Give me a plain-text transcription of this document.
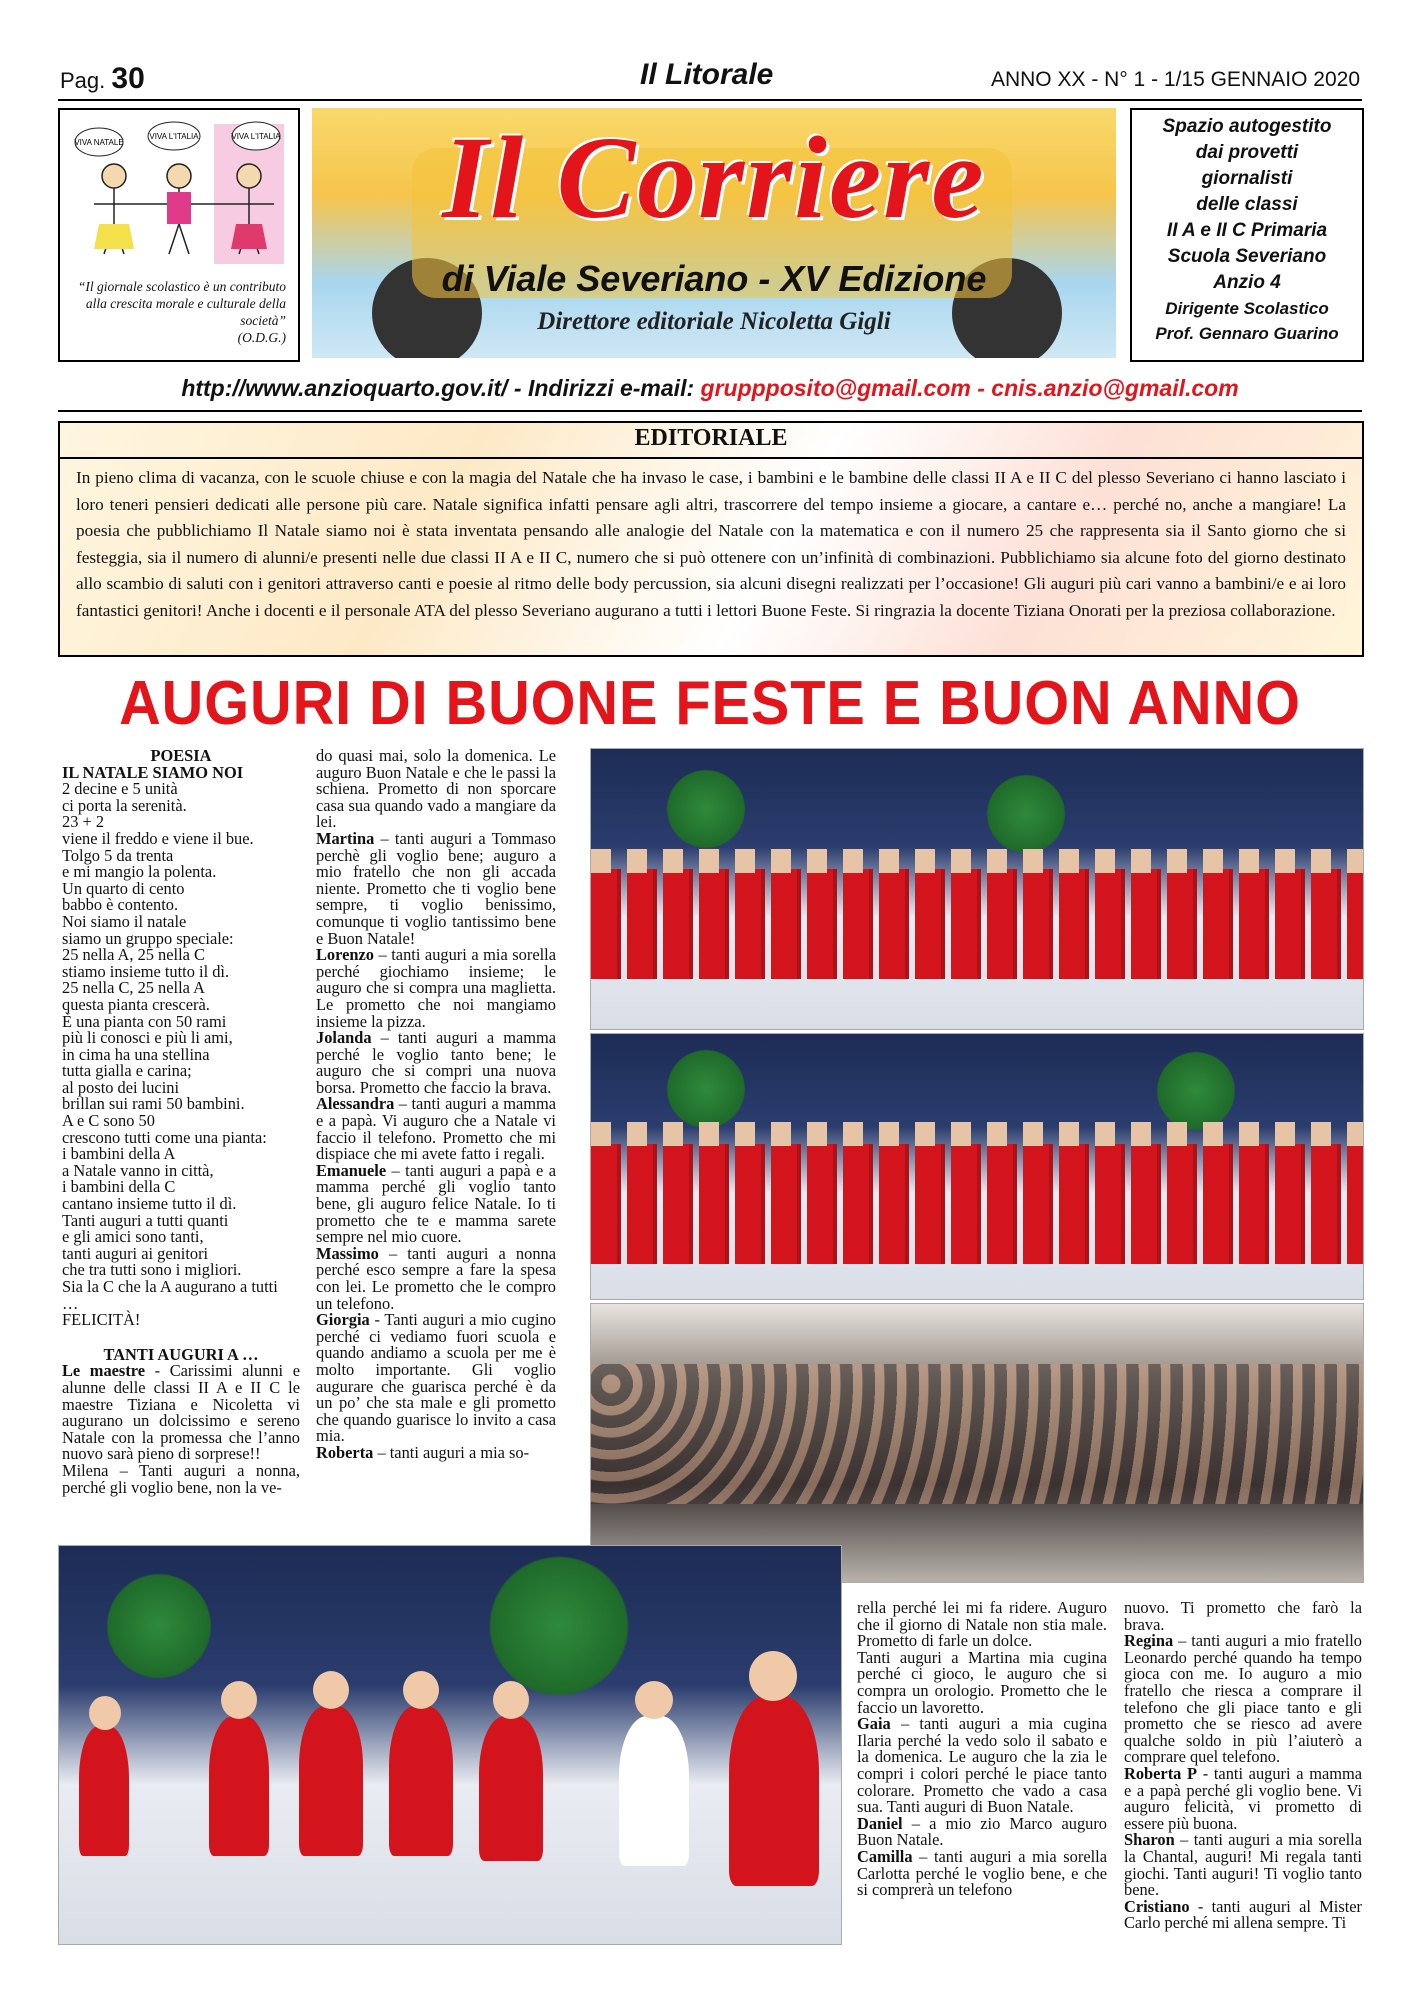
Pag. 30	Il Litorale	ANNO XX - N° 1 - 1/15 GENNAIO 2020
VIVA NATALE
VIVA L'ITALIA	VIVA L'ITALIA
“Il giornale scolastico è un contributo alla crescita morale e culturale della società”
(O.D.G.)
Il Corriere
di Viale Severiano - XV Edizione
Direttore editoriale Nicoletta Gigli
Spazio autogestito
dai provetti
giornalisti
delle classi
II A e II C Primaria
Scuola Severiano
Anzio 4
Dirigente Scolastico
Prof. Gennaro Guarino
http://www.anzioquarto.gov.it/ - Indirizzi e-mail: gruppposito@gmail.com - cnis.anzio@gmail.com
EDITORIALE
In pieno clima di vacanza, con le scuole chiuse e con la magia del Natale che ha invaso le case, i bambini e le bambine delle classi II A e II C del plesso Severiano ci hanno lasciato i loro teneri pensieri dedicati alle persone più care. Natale significa infatti pensare agli altri, trascorrere del tempo insieme a giocare, a cantare e… perché no, anche a mangiare! La poesia che pubblichiamo Il Natale siamo noi è stata inventata pensando alle analogie del Natale con la matematica e con il numero 25 che rappresenta sia il Santo giorno che si festeggia, sia il numero di alunni/e presenti nelle due classi II A e II C, numero che si può ottenere con un’infinità di combinazioni. Pubblichiamo sia alcune foto del giorno destinato allo scambio di saluti con i genitori attraverso canti e poesie al ritmo delle body percussion, sia alcuni disegni realizzati per l’occasione! Gli auguri più cari vanno a bambini/e e ai loro fantastici genitori! Anche i docenti e il personale ATA del plesso Severiano augurano a tutti i lettori Buone Feste. Si ringrazia la docente Tiziana Onorati per la preziosa collaborazione.
AUGURI DI BUONE FESTE E BUON ANNO

POESIA

IL NATALE SIAMO NOI

2 decine e 5 unità

ci porta la serenità.

23 + 2

viene il freddo e viene il bue.

Tolgo 5 da trenta

e mi mangio la polenta.

Un quarto di cento

babbo è contento.

Noi siamo il natale

siamo un gruppo speciale:

25 nella A, 25 nella C

stiamo insieme tutto il dì.

25 nella C, 25 nella A

questa pianta crescerà.

È una pianta con 50 rami

più li conosci e più li ami,

in cima ha una stellina

tutta gialla e carina;

al posto dei lucini

brillan sui rami 50 bambini.

A e C sono 50

crescono tutti come una pianta:

i bambini della A

a Natale vanno in città,

i bambini della C

cantano insieme tutto il dì.

Tanti auguri a tutti quanti

e gli amici sono tanti,

tanti auguri ai genitori

che tra tutti sono i migliori.

Sia la C che la A augurano a tutti

…

FELICITÀ!

TANTI AUGURI A …

Le maestre - Carissimi alunni e alunne delle classi II A e II C le maestre Tiziana e Nicoletta vi augurano un dolcissimo e sereno Natale con la promessa che l’anno nuovo sarà pieno di sorprese!!

Milena – Tanti auguri a nonna, perché gli voglio bene, non la ve-

do quasi mai, solo la domenica. Le auguro Buon Natale e che le passi la schiena. Prometto di non sporcare casa sua quando vado a mangiare da lei.

Martina – tanti auguri a Tommaso perchè gli voglio bene; auguro a mio fratello che non gli accada niente. Prometto che ti voglio bene sempre, ti voglio benissimo, comunque ti voglio tantissimo bene e Buon Natale!

Lorenzo – tanti auguri a mia sorella perché giochiamo insieme; le auguro che si compra una maglietta. Le prometto che noi mangiamo insieme la pizza.

Jolanda – tanti auguri a mamma perché le voglio tanto bene; le auguro che si compri una nuova borsa. Prometto che faccio la brava.

Alessandra – tanti auguri a mamma e a papà. Vi auguro che a Natale vi faccio il telefono. Prometto che mi dispiace che mi avete fatto i regali.

Emanuele – tanti auguri a papà e a mamma perché gli voglio tanto bene, gli auguro felice Natale. Io ti prometto che te e mamma sarete sempre nel mio cuore.

Massimo – tanti auguri a nonna perché esco sempre a fare la spesa con lei. Le prometto che le compro un telefono.

Giorgia - Tanti auguri a mio cugino perché ci vediamo fuori scuola e quando andiamo a scuola per me è molto importante. Gli voglio augurare che guarisca perché è da un po’ che sta male e gli prometto che quando guarisce lo invito a casa mia.

Roberta – tanti auguri a mia so-

rella perché lei mi fa ridere. Auguro che il giorno di Natale non stia male. Prometto di farle un dolce.

Tanti auguri a Martina mia cugina perché ci gioco, le auguro che si compra un orologio. Prometto che le faccio un lavoretto.

Gaia – tanti auguri a mia cugina Ilaria perché la vedo solo il sabato e la domenica. Le auguro che la zia le compri i colori perché le piace tanto colorare. Prometto che vado a casa sua. Tanti auguri di Buon Natale.

Daniel – a mio zio Marco auguro Buon Natale.

Camilla – tanti auguri a mia sorella Carlotta perché le voglio bene, e che si comprerà un telefono

nuovo. Ti prometto che farò la brava.

Regina – tanti auguri a mio fratello Leonardo perché quando ha tempo gioca con me. Io auguro a mio fratello che riesca a comprare il telefono che gli piace tanto e gli prometto che se riesco ad avere qualche soldo in più l’aiuterò a comprare quel telefono.

Roberta P - tanti auguri a mamma e a papà perché gli voglio bene. Vi auguro felicità, vi prometto di essere più buona.

Sharon – tanti auguri a mia sorella la Chantal, auguri! Mi regala tanti giochi. Tanti auguri! Ti voglio tanto bene.

Cristiano - tanti auguri al Mister Carlo perché mi allena sempre. Ti
